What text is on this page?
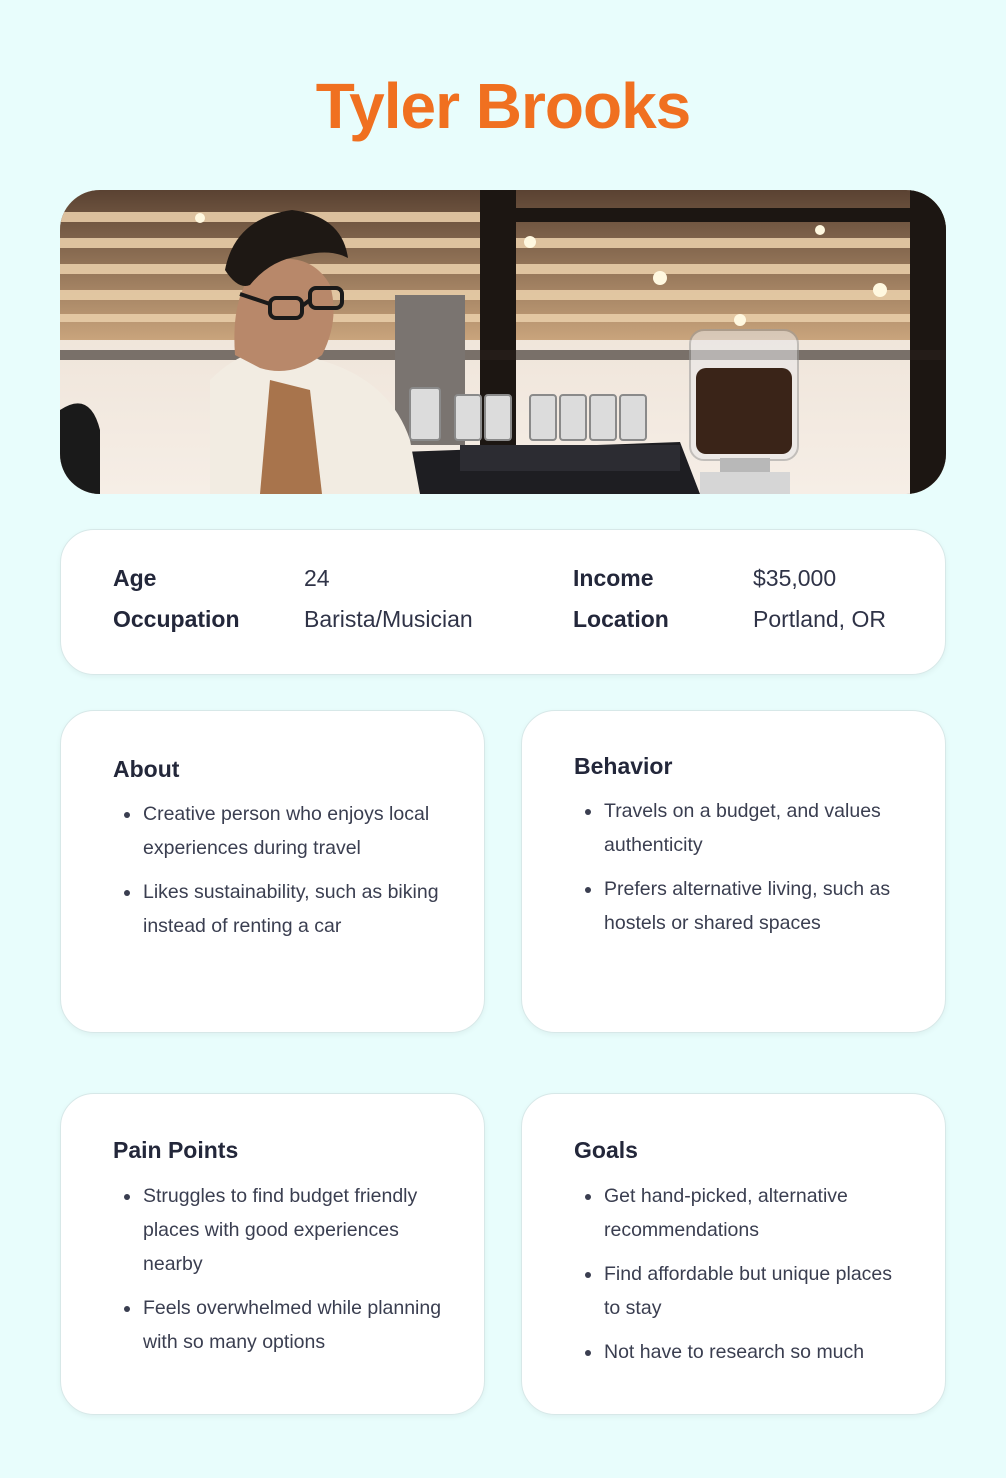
Tyler Brooks
Age	24
Occupation	Barista/Musician
Income	$35,000
Location	Portland, OR
About
Creative person who enjoys local experiences during travel
Likes sustainability, such as biking instead of renting a car
Behavior
Travels on a budget, and values authenticity
Prefers alternative living, such as hostels or shared spaces
Pain Points
Struggles to find budget friendly places with good experiences nearby
Feels overwhelmed while planning with so many options
Goals
Get hand-picked, alternative recommendations
Find affordable but unique places to stay
Not have to research so much
